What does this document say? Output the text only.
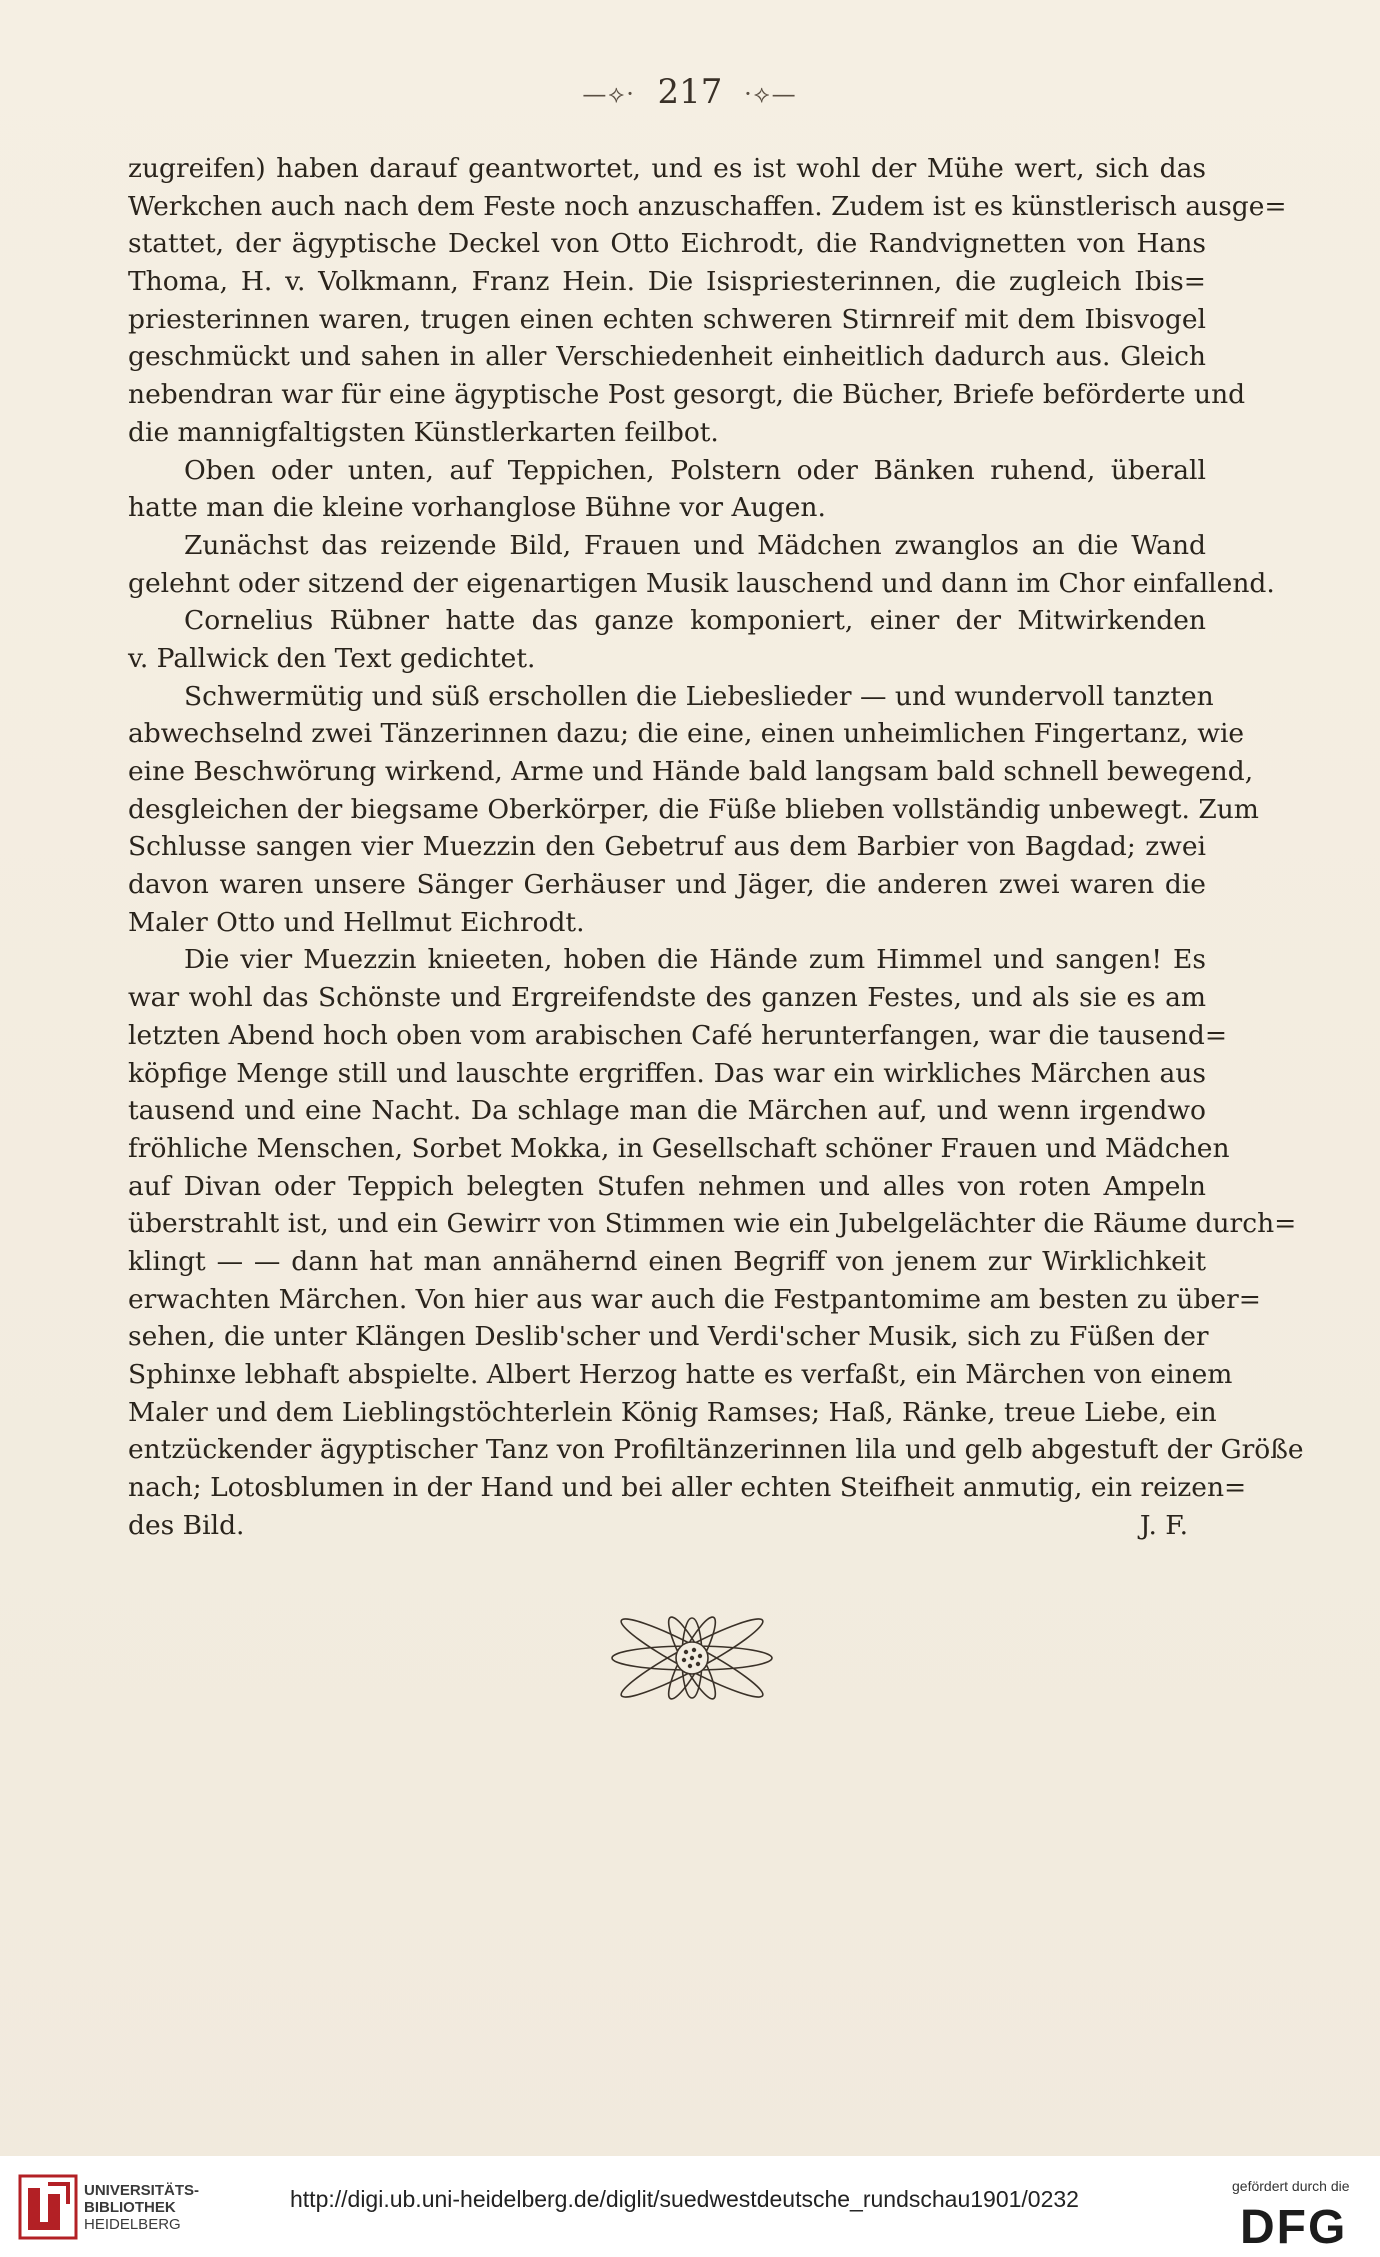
—⟡· 217 ·⟡—
zugreifen) haben darauf geantwortet, und es ist wohl der Mühe wert, sich das
Werkchen auch nach dem Feste noch anzuschaffen. Zudem ist es künstlerisch ausge=
stattet, der ägyptische Deckel von Otto Eichrodt, die Randvignetten von Hans
Thoma, H. v. Volkmann, Franz Hein. Die Isispriesterinnen, die zugleich Ibis=
priesterinnen waren, trugen einen echten schweren Stirnreif mit dem Ibisvogel
geschmückt und sahen in aller Verschiedenheit einheitlich dadurch aus. Gleich
nebendran war für eine ägyptische Post gesorgt, die Bücher, Briefe beförderte und
die mannigfaltigsten Künstlerkarten feilbot.
Oben oder unten, auf Teppichen, Polstern oder Bänken ruhend, überall
hatte man die kleine vorhanglose Bühne vor Augen.
Zunächst das reizende Bild, Frauen und Mädchen zwanglos an die Wand
gelehnt oder sitzend der eigenartigen Musik lauschend und dann im Chor einfallend.
Cornelius Rübner hatte das ganze komponiert, einer der Mitwirkenden
v. Pallwick den Text gedichtet.
Schwermütig und süß erschollen die Liebeslieder — und wundervoll tanzten
abwechselnd zwei Tänzerinnen dazu; die eine, einen unheimlichen Fingertanz, wie
eine Beschwörung wirkend, Arme und Hände bald langsam bald schnell bewegend,
desgleichen der biegsame Oberkörper, die Füße blieben vollständig unbewegt. Zum
Schlusse sangen vier Muezzin den Gebetruf aus dem Barbier von Bagdad; zwei
davon waren unsere Sänger Gerhäuser und Jäger, die anderen zwei waren die
Maler Otto und Hellmut Eichrodt.
Die vier Muezzin knieeten, hoben die Hände zum Himmel und sangen! Es
war wohl das Schönste und Ergreifendste des ganzen Festes, und als sie es am
letzten Abend hoch oben vom arabischen Café herunterfangen, war die tausend=
köpfige Menge still und lauschte ergriffen. Das war ein wirkliches Märchen aus
tausend und eine Nacht. Da schlage man die Märchen auf, und wenn irgendwo
fröhliche Menschen, Sorbet Mokka, in Gesellschaft schöner Frauen und Mädchen
auf Divan oder Teppich belegten Stufen nehmen und alles von roten Ampeln
überstrahlt ist, und ein Gewirr von Stimmen wie ein Jubelgelächter die Räume durch=
klingt — — dann hat man annähernd einen Begriff von jenem zur Wirklichkeit
erwachten Märchen. Von hier aus war auch die Festpantomime am besten zu über=
sehen, die unter Klängen Deslib'scher und Verdi'scher Musik, sich zu Füßen der
Sphinxe lebhaft abspielte. Albert Herzog hatte es verfaßt, ein Märchen von einem
Maler und dem Lieblingstöchterlein König Ramses; Haß, Ränke, treue Liebe, ein
entzückender ägyptischer Tanz von Profiltänzerinnen lila und gelb abgestuft der Größe
nach; Lotosblumen in der Hand und bei aller echten Steifheit anmutig, ein reizen=
des Bild.	J. F.
UNIVERSITÄTS-
BIBLIOTHEK
HEIDELBERG
http://digi.ub.uni-heidelberg.de/diglit/suedwestdeutsche_rundschau1901/0232	gefördert durch die
DFG
